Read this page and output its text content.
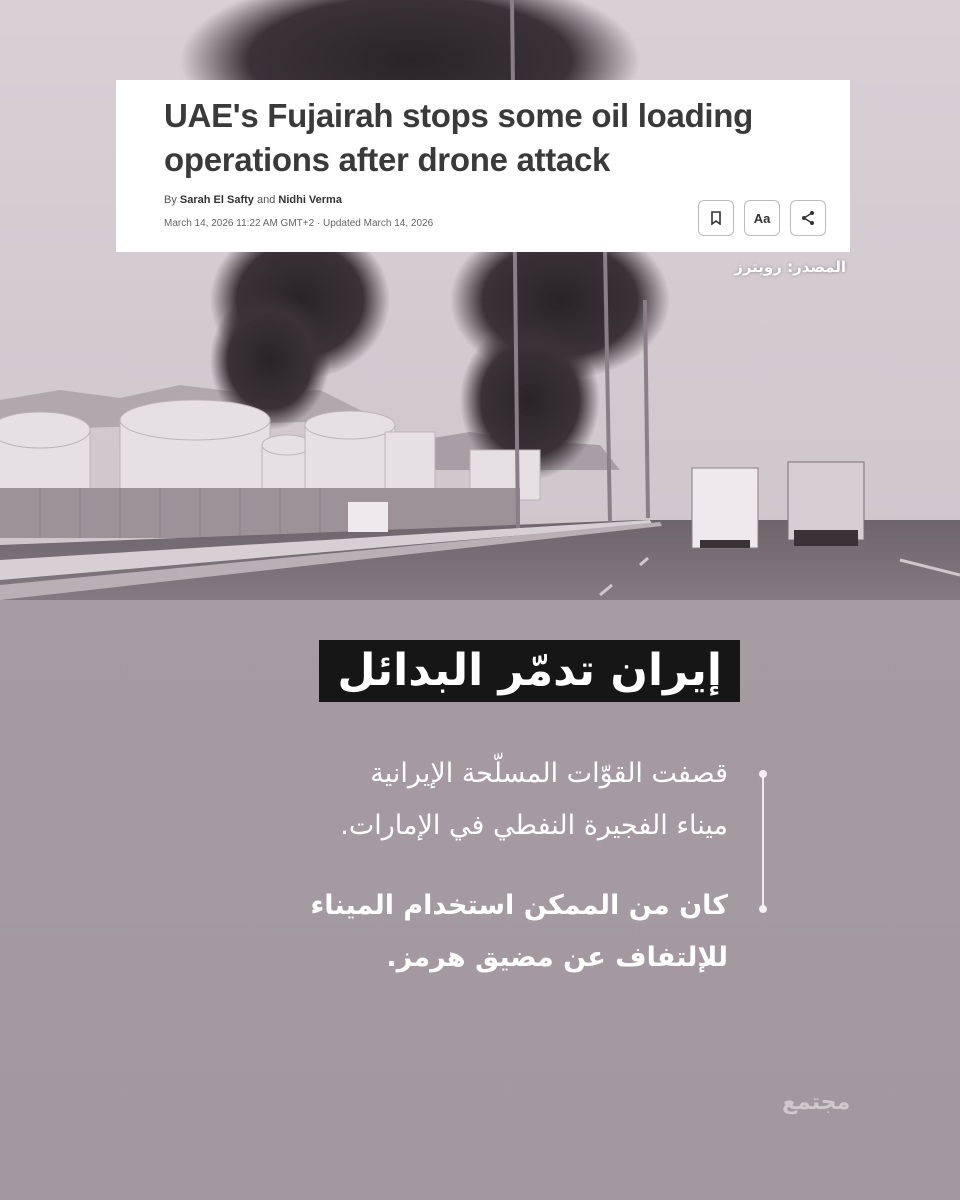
UAE's Fujairah stops some oil loading
operations after drone attack
By Sarah El Safty and Nidhi Verma
March 14, 2026 11:22 AM GMT+2 · Updated March 14, 2026	Aa
المصدر: رويترز
إيران تدمّر البدائل
قصفت القوّات المسلّحة الإيرانية
ميناء الفجيرة النفطي في الإمارات.
كان من الممكن استخدام الميناء
للإلتفاف عن مضيق هرمز.
مجتمع
